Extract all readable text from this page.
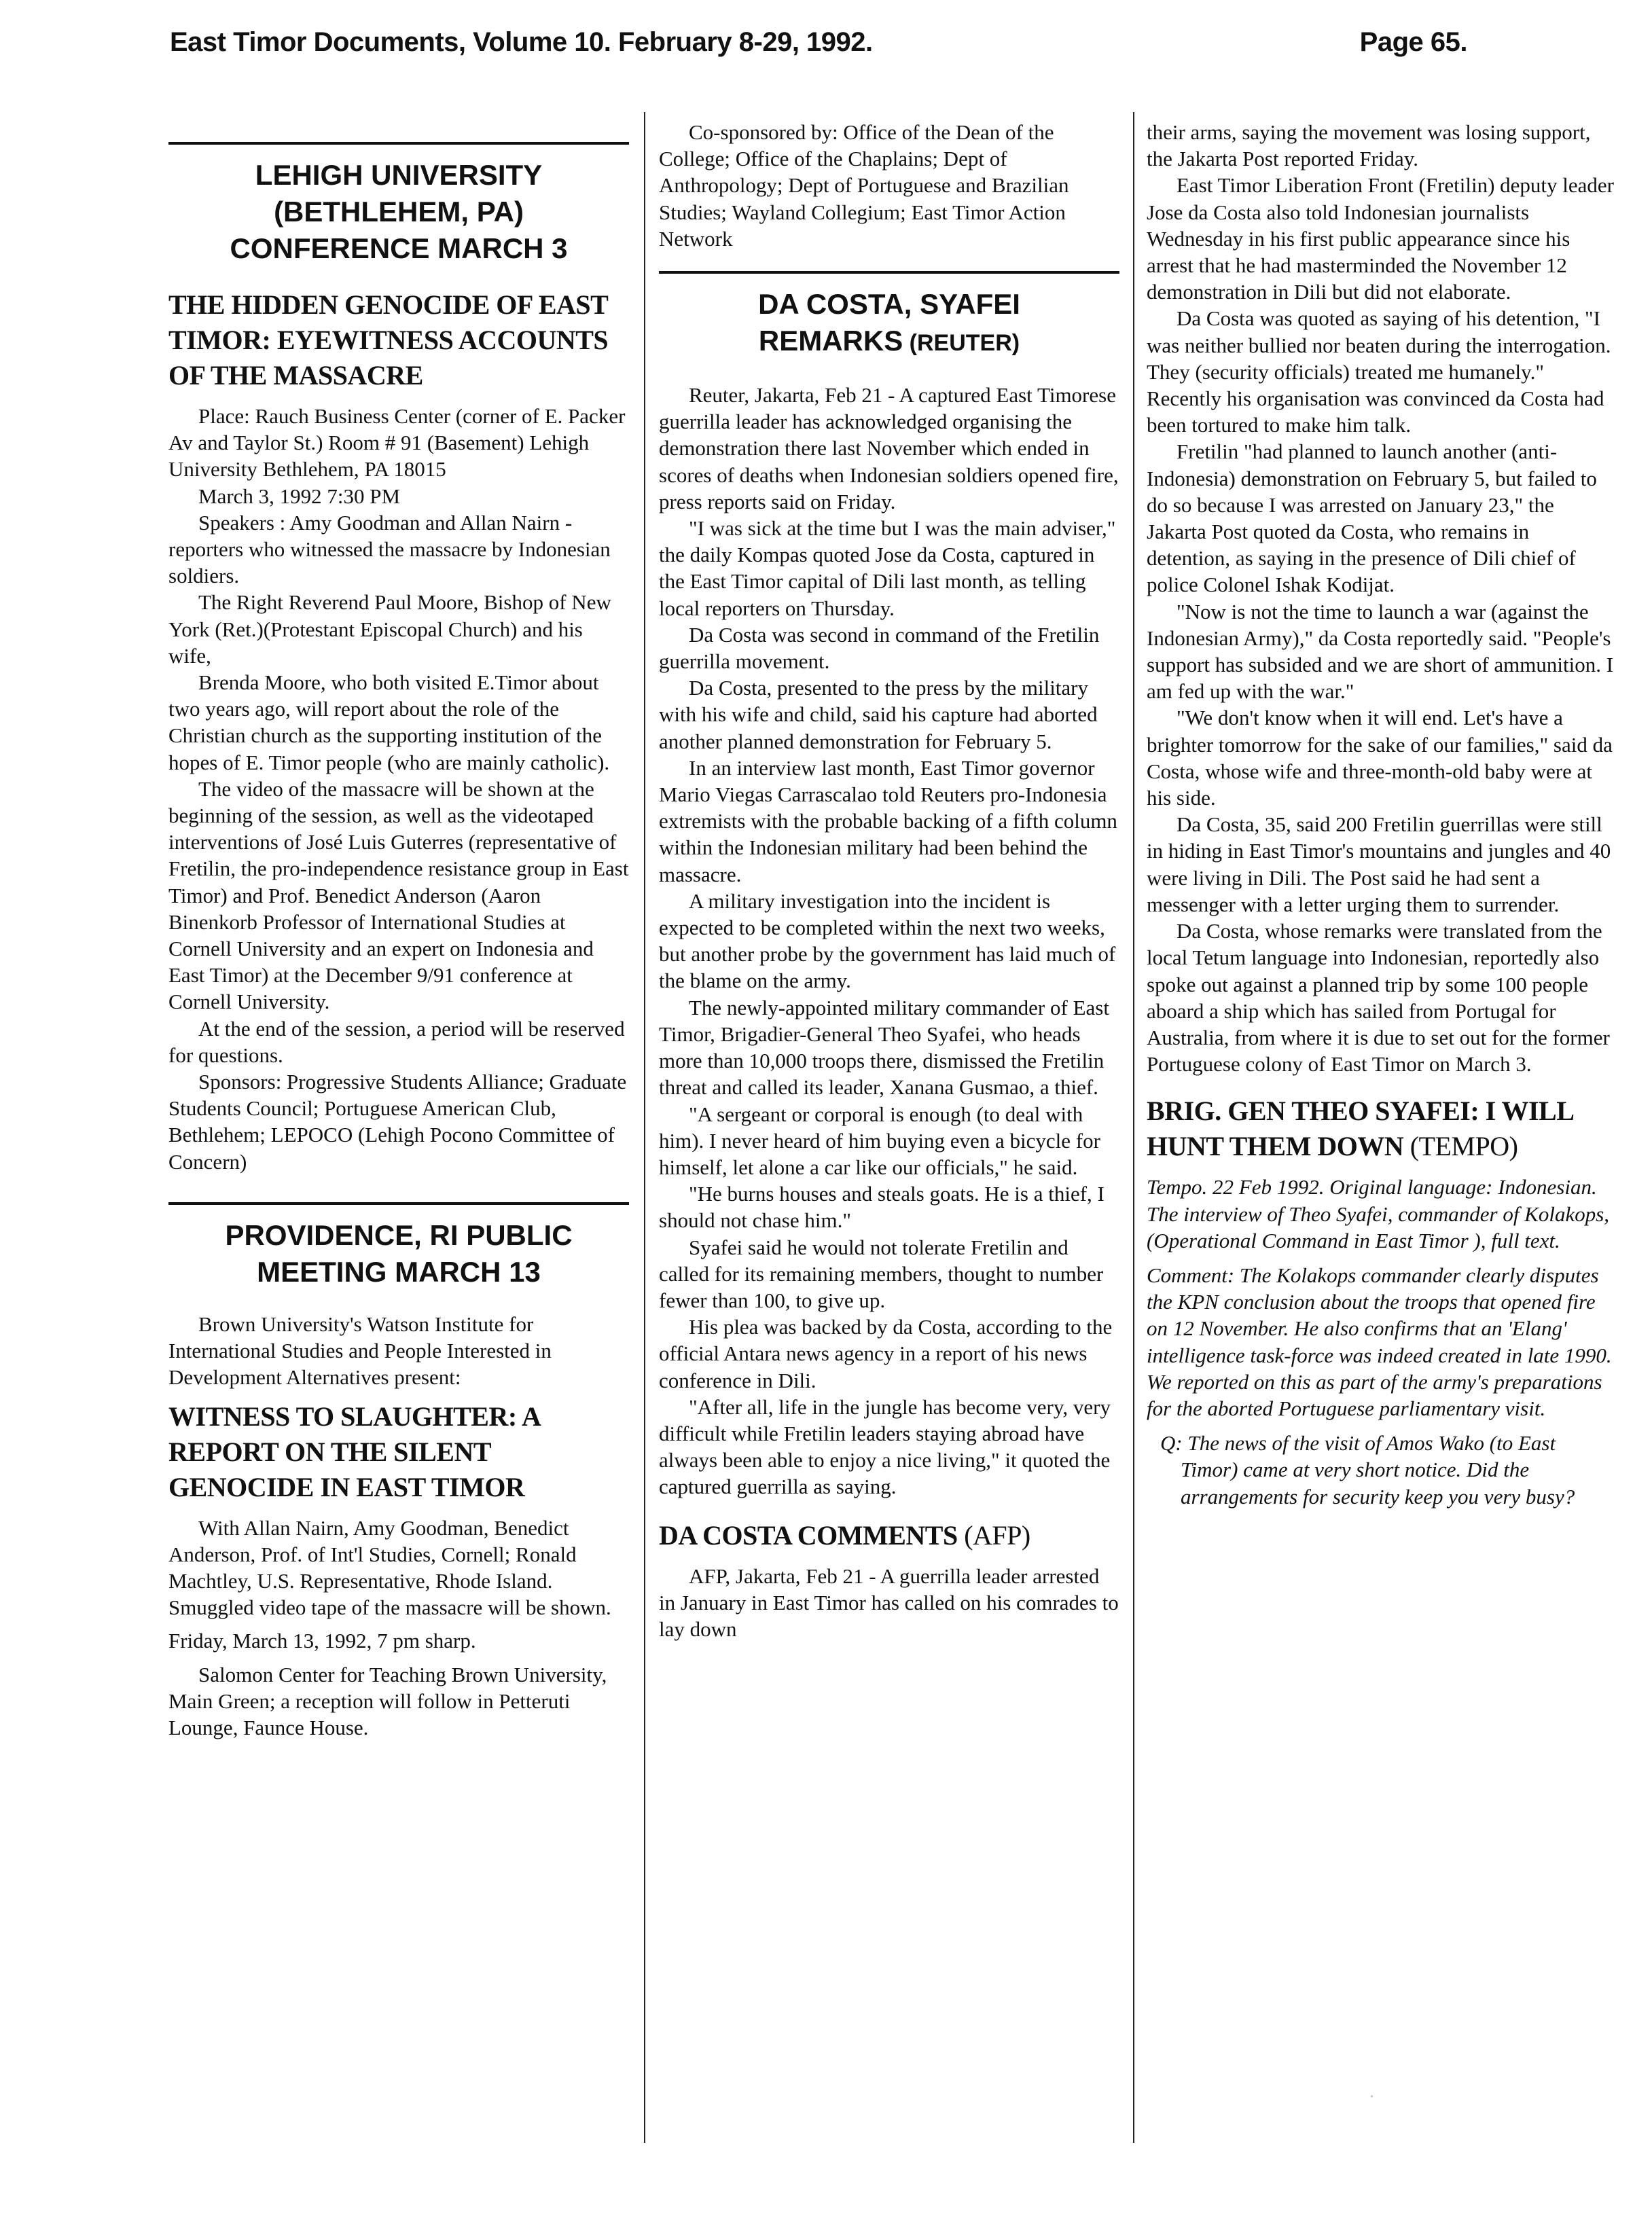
East Timor Documents, Volume 10. February 8-29, 1992.	Page 65.
LEHIGH UNIVERSITY
(BETHLEHEM, PA)
CONFERENCE MARCH 3
THE HIDDEN GENOCIDE OF EAST TIMOR: EYEWITNESS ACCOUNTS OF THE MASSACRE

Place: Rauch Business Center (corner of E. Packer Av and Taylor St.) Room # 91 (Basement) Lehigh University Bethlehem, PA 18015

March 3, 1992 7:30 PM

Speakers : Amy Goodman and Allan Nairn - reporters who witnessed the massacre by Indonesian soldiers.

The Right Reverend Paul Moore, Bishop of New York (Ret.)(Protestant Episcopal Church) and his wife,

Brenda Moore, who both visited E.Timor about two years ago, will report about the role of the Christian church as the supporting institution of the hopes of E. Timor people (who are mainly catholic).

The video of the massacre will be shown at the beginning of the session, as well as the videotaped interventions of José Luis Guterres (representative of Fretilin, the pro-independence resistance group in East Timor) and Prof. Benedict Anderson (Aaron Binenkorb Professor of International Studies at Cornell University and an expert on Indonesia and East Timor) at the December 9/91 conference at Cornell University.

At the end of the session, a period will be reserved for questions.

Sponsors: Progressive Students Alliance; Graduate Students Council; Portuguese American Club, Bethlehem; LEPOCO (Lehigh Pocono Committee of Concern)

PROVIDENCE, RI PUBLIC
MEETING MARCH 13

Brown University's Watson Institute for International Studies and People Interested in Development Alternatives present:

WITNESS TO SLAUGHTER: A REPORT ON THE SILENT GENOCIDE IN EAST TIMOR

With Allan Nairn, Amy Goodman, Benedict Anderson, Prof. of Int'l Studies, Cornell; Ronald Machtley, U.S. Representative, Rhode Island. Smuggled video tape of the massacre will be shown.

Friday, March 13, 1992, 7 pm sharp.

Salomon Center for Teaching Brown University, Main Green; a reception will follow in Petteruti Lounge, Faunce House.

Co-sponsored by: Office of the Dean of the College; Office of the Chaplains; Dept of Anthropology; Dept of Portuguese and Brazilian Studies; Wayland Collegium; East Timor Action Network

DA COSTA, SYAFEI
REMARKS (REUTER)

Reuter, Jakarta, Feb 21 - A captured East Timorese guerrilla leader has acknowledged organising the demonstration there last November which ended in scores of deaths when Indonesian soldiers opened fire, press reports said on Friday.

"I was sick at the time but I was the main adviser," the daily Kompas quoted Jose da Costa, captured in the East Timor capital of Dili last month, as telling local reporters on Thursday.

Da Costa was second in command of the Fretilin guerrilla movement.

Da Costa, presented to the press by the military with his wife and child, said his capture had aborted another planned demonstration for February 5.

In an interview last month, East Timor governor Mario Viegas Carrascalao told Reuters pro-Indonesia extremists with the probable backing of a fifth column within the Indonesian military had been behind the massacre.

A military investigation into the incident is expected to be completed within the next two weeks, but another probe by the government has laid much of the blame on the army.

The newly-appointed military commander of East Timor, Brigadier-General Theo Syafei, who heads more than 10,000 troops there, dismissed the Fretilin threat and called its leader, Xanana Gusmao, a thief.

"A sergeant or corporal is enough (to deal with him). I never heard of him buying even a bicycle for himself, let alone a car like our officials," he said.

"He burns houses and steals goats. He is a thief, I should not chase him."

Syafei said he would not tolerate Fretilin and called for its remaining members, thought to number fewer than 100, to give up.

His plea was backed by da Costa, according to the official Antara news agency in a report of his news conference in Dili.

"After all, life in the jungle has become very, very difficult while Fretilin leaders staying abroad have always been able to enjoy a nice living," it quoted the captured guerrilla as saying.

DA COSTA COMMENTS (AFP)

AFP, Jakarta, Feb 21 - A guerrilla leader arrested in January in East Timor has called on his comrades to lay down

their arms, saying the movement was losing support, the Jakarta Post reported Friday.

East Timor Liberation Front (Fretilin) deputy leader Jose da Costa also told Indonesian journalists Wednesday in his first public appearance since his arrest that he had masterminded the November 12 demonstration in Dili but did not elaborate.

Da Costa was quoted as saying of his detention, "I was neither bullied nor beaten during the interrogation. They (security officials) treated me humanely." Recently his organisation was convinced da Costa had been tortured to make him talk.

Fretilin "had planned to launch another (anti-Indonesia) demonstration on February 5, but failed to do so because I was arrested on January 23," the Jakarta Post quoted da Costa, who remains in detention, as saying in the presence of Dili chief of police Colonel Ishak Kodijat.

"Now is not the time to launch a war (against the Indonesian Army)," da Costa reportedly said. "People's support has subsided and we are short of ammunition. I am fed up with the war."

"We don't know when it will end. Let's have a brighter tomorrow for the sake of our families," said da Costa, whose wife and three-month-old baby were at his side.

Da Costa, 35, said 200 Fretilin guerrillas were still in hiding in East Timor's mountains and jungles and 40 were living in Dili. The Post said he had sent a messenger with a letter urging them to surrender.

Da Costa, whose remarks were translated from the local Tetum language into Indonesian, reportedly also spoke out against a planned trip by some 100 people aboard a ship which has sailed from Portugal for Australia, from where it is due to set out for the former Portuguese colony of East Timor on March 3.

BRIG. GEN THEO SYAFEI: I WILL HUNT THEM DOWN (TEMPO)

Tempo. 22 Feb 1992. Original language: Indonesian. The interview of Theo Syafei, commander of Kolakops, (Operational Command in East Timor ), full text.

Comment: The Kolakops commander clearly disputes the KPN conclusion about the troops that opened fire on 12 November. He also confirms that an 'Elang' intelligence task-force was indeed created in late 1990. We reported on this as part of the army's preparations for the aborted Portuguese parliamentary visit.

Q: The news of the visit of Amos Wako (to East Timor) came at very short notice. Did the arrangements for security keep you very busy?
